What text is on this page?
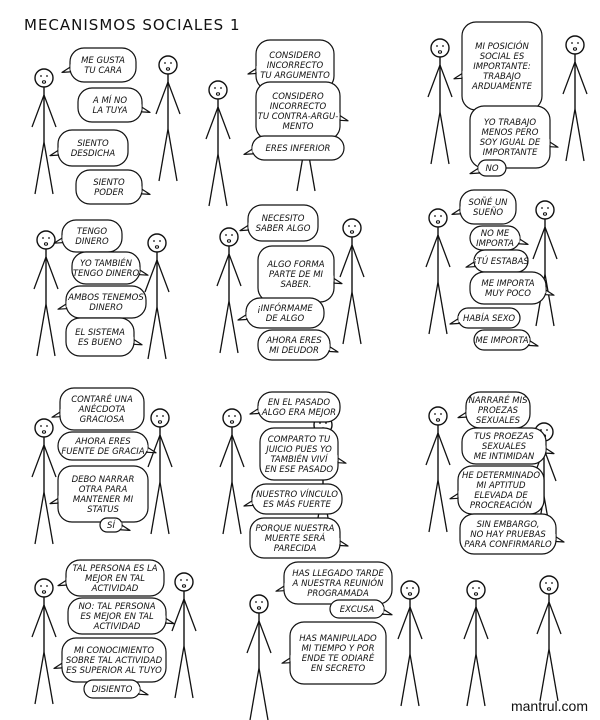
MECANISMOS SOCIALES 1
ME GUSTA
TU CARA
A MÍ NO
LA TUYA
SIENTO
DESDICHA
SIENTO
PODER
CONSIDERO
INCORRECTO
TU ARGUMENTO
CONSIDERO
INCORRECTO
TU CONTRA-ARGU-
MENTO
ERES INFERIOR
MI POSICIÓN
SOCIAL ES
IMPORTANTE:
TRABAJO
ARDUAMENTE
YO TRABAJO
MENOS PERO
SOY IGUAL DE
IMPORTANTE
NO
TENGO
DINERO
YO TAMBIÉN
TENGO DINERO
AMBOS TENEMOS
DINERO
EL SISTEMA
ES BUENO
NECESITO
SABER ALGO
ALGO FORMA
PARTE DE MI
SABER.
¡INFÓRMAME
DE ALGO
AHORA ERES
MI DEUDOR
SOÑÉ UN
SUEÑO
NO ME
IMPORTA
¡TÚ ESTABAS
ME IMPORTA
MUY POCO
HABÍA SEXO
ME IMPORTA
CONTARÉ UNA
ANÉCDOTA
GRACIOSA
AHORA ERES
FUENTE DE GRACIA
DEBO NARRAR
OTRA PARA
MANTENER MI
STATUS
SÍ
EN EL PASADO
ALGO ERA MEJOR
COMPARTO TU
JUICIO PUES YO
TAMBIÉN VIVÍ
EN ESE PASADO
NUESTRO VÍNCULO
ES MÁS FUERTE
PORQUE NUESTRA
MUERTE SERÁ
PARECIDA
NARRARÉ MIS
PROEZAS
SEXUALES
TUS PROEZAS
SEXUALES
ME INTIMIDAN
HE DETERMINADO
MI APTITUD
ELEVADA DE
PROCREACIÓN
SIN EMBARGO,
NO HAY PRUEBAS
PARA CONFIRMARLO
TAL PERSONA ES LA
MEJOR EN TAL
ACTIVIDAD
NO: TAL PERSONA
ES MEJOR EN TAL
ACTIVIDAD
MI CONOCIMIENTO
SOBRE TAL ACTIVIDAD
ES SUPERIOR AL TUYO
DISIENTO
HAS LLEGADO TARDE
A NUESTRA REUNIÓN
PROGRAMADA
EXCUSA
HAS MANIPULADO
MI TIEMPO Y POR
ENDE TE ODIARÉ
EN SECRETO
mantrul.com
